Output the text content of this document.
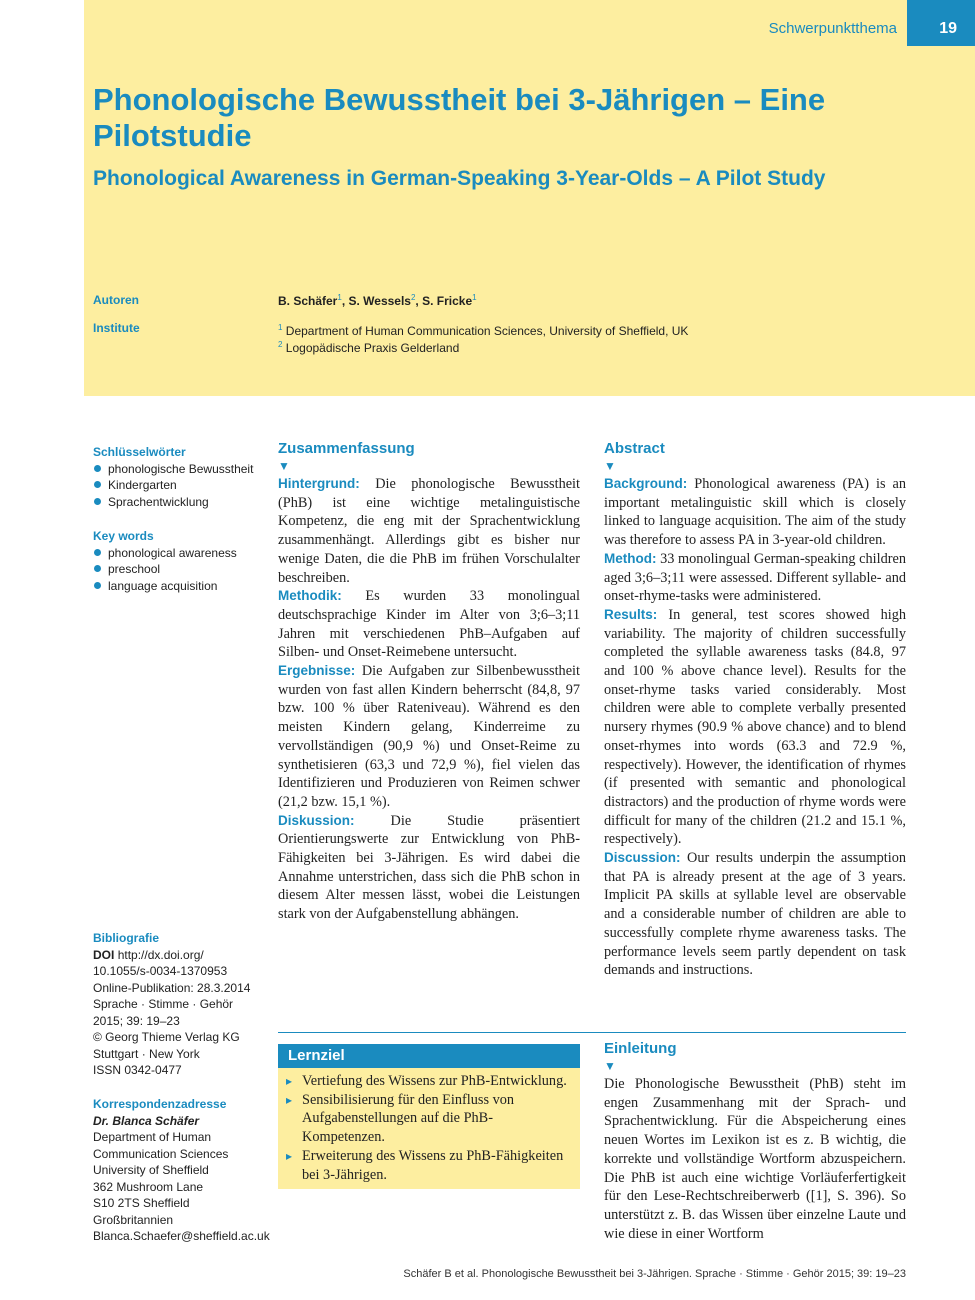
Schwerpunktthema	19
Phonologische Bewusstheit bei 3-Jährigen – Eine Pilotstudie
Phonological Awareness in German-Speaking 3-Year-Olds – A Pilot Study
Autoren
Institute
B. Schäfer$^1$, S. Wessels$^2$, S. Fricke$^1$
$^1$ Department of Human Communication Sciences, University of Sheffield, UK
$^2$ Logopädische Praxis Gelderland
Schlüsselwörter
phonologische Bewusstheit
Kindergarten
Sprachentwicklung
Key words
phonological awareness
preschool
language acquisition
Bibliografie
DOI http://dx.doi.org/
10.1055/s-0034-1370953
Online-Publikation: 28.3.2014
Sprache · Stimme · Gehör
2015; 39: 19–23
© Georg Thieme Verlag KG
Stuttgart · New York
ISSN 0342-0477
Korrespondenzadresse
Dr. Blanca Schäfer
Department of Human
Communication Sciences
University of Sheffield
362 Mushroom Lane
S10 2TS Sheffield
Großbritannien
Blanca.Schaefer@sheffield.ac.uk
Zusammenfassung
▼
Hintergrund: Die phonologische Bewusstheit (PhB) ist eine wichtige metalinguistische Kompetenz, die eng mit der Sprachentwicklung zusammenhängt. Allerdings gibt es bisher nur wenige Daten, die die PhB im frühen Vorschulalter beschreiben.
Methodik: Es wurden 33 monolingual deutschsprachige Kinder im Alter von 3;6–3;11 Jahren mit verschiedenen PhB–Aufgaben auf Silben- und Onset-Reimebene untersucht.
Ergebnisse: Die Aufgaben zur Silbenbewusstheit wurden von fast allen Kindern beherrscht (84,8, 97 bzw. 100 % über Rateniveau). Während es den meisten Kindern gelang, Kinderreime zu vervollständigen (90,9 %) und Onset-Reime zu synthetisieren (63,3 und 72,9 %), fiel vielen das Identifizieren und Produzieren von Reimen schwer (21,2 bzw. 15,1 %).
Diskussion:	Die Studie präsentiert Orientierungswerte zur Entwicklung von PhB-Fähigkeiten bei 3-Jährigen. Es wird dabei die Annahme unterstrichen, dass sich die PhB schon in diesem Alter messen lässt, wobei die Leistungen stark von der Aufgabenstellung abhängen.
Abstract
▼
Background: Phonological awareness (PA) is an important metalinguistic skill which is closely linked to language acquisition. The aim of the study was therefore to assess PA in 3-year-old children.
Method: 33 monolingual German-speaking children aged 3;6–3;11 were assessed. Different syllable- and onset-rhyme-tasks were administered.
Results: In general, test scores showed high variability. The majority of children successfully completed the syllable awareness tasks (84.8, 97 and 100 % above chance level). Results for the onset-rhyme tasks varied considerably. Most children were able to complete verbally presented nursery rhymes (90.9 % above chance) and to blend onset-rhymes into words (63.3 and 72.9 %, respectively). However, the identification of rhymes (if presented with semantic and phonological distractors) and the production of rhyme words were difficult for many of the children (21.2 and 15.1 %, respectively).
Discussion: Our results underpin the assumption that PA is already present at the age of 3 years. Implicit PA skills at syllable level are observable and a considerable number of children are able to successfully complete rhyme awareness tasks. The performance levels seem partly dependent on task demands and instructions.
Lernziel
▸ Vertiefung des Wissens zur PhB-Entwicklung.
▸ Sensibilisierung für den Einfluss von Aufgabenstellungen auf die PhB-Kompetenzen.
▸ Erweiterung des Wissens zu PhB-Fähigkeiten bei 3-Jährigen.
Einleitung
▼
Die Phonologische Bewusstheit (PhB) steht im engen Zusammenhang mit der Sprach- und Sprachentwicklung. Für die Abspeicherung eines neuen Wortes im Lexikon ist es z. B wichtig, die korrekte und vollständige Wortform abzuspeichern. Die PhB ist auch eine wichtige Vorläuferfertigkeit für den Lese-Rechtschreiberwerb ([1], S. 396). So unterstützt z. B. das Wissen über einzelne Laute und wie diese in einer Wortform
Schäfer B et al. Phonologische Bewusstheit bei 3-Jährigen. Sprache · Stimme · Gehör 2015; 39: 19–23
